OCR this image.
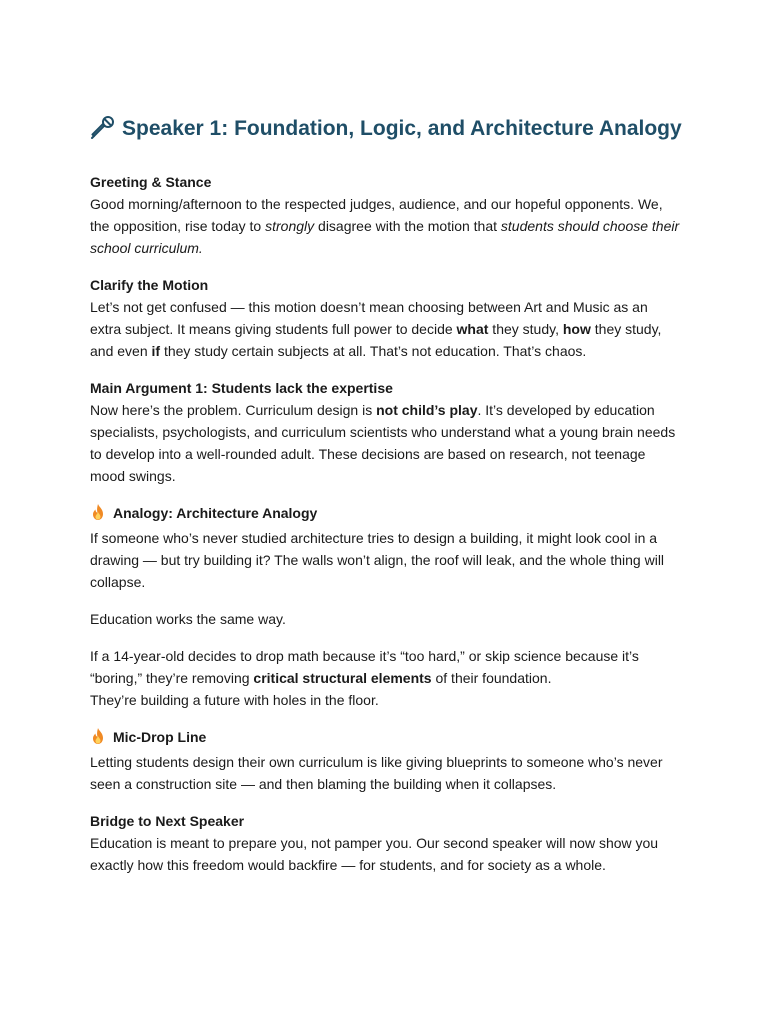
Speaker 1: Foundation, Logic, and Architecture Analogy

Greeting & Stance

Good morning/afternoon to the respected judges, audience, and our hopeful opponents. We, the opposition, rise today to strongly disagree with the motion that students should choose their school curriculum.

Clarify the Motion

Let’s not get confused — this motion doesn’t mean choosing between Art and Music as an extra subject. It means giving students full power to decide what they study, how they study, and even if they study certain subjects at all. That’s not education. That’s chaos.

Main Argument 1: Students lack the expertise

Now here’s the problem. Curriculum design is not child’s play. It’s developed by education specialists, psychologists, and curriculum scientists who understand what a young brain needs to develop into a well-rounded adult. These decisions are based on research, not teenage mood swings.

Analogy: Architecture Analogy

If someone who’s never studied architecture tries to design a building, it might look cool in a drawing — but try building it? The walls won’t align, the roof will leak, and the whole thing will collapse.

Education works the same way.

If a 14-year-old decides to drop math because it’s “too hard,” or skip science because it’s “boring,” they’re removing critical structural elements of their foundation.
They’re building a future with holes in the floor.

Mic-Drop Line

Letting students design their own curriculum is like giving blueprints to someone who’s never seen a construction site — and then blaming the building when it collapses.

Bridge to Next Speaker

Education is meant to prepare you, not pamper you. Our second speaker will now show you exactly how this freedom would backfire — for students, and for society as a whole.
